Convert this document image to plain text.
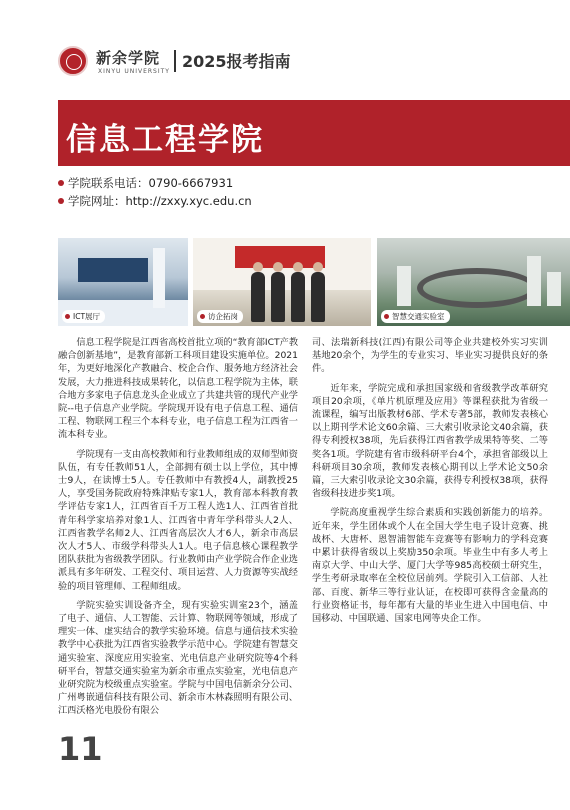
新余学院
XINYU UNIVERSITY
2025报考指南
信息工程学院
学院联系电话： 0790-6667931
学院网址： http://zxxy.xyc.edu.cn
ICT展厅	访企拓岗	智慧交通实验室

信息工程学院是江西省高校首批立项的“教育部ICT产教融合创新基地”，是教育部新工科项目建设实施单位。2021年，为更好地深化产教融合、校企合作、服务地方经济社会发展，大力推进科技成果转化，以信息工程学院为主体，联合地方多家电子信息龙头企业成立了共建共管的现代产业学院--电子信息产业学院。学院现开设有电子信息工程、通信工程、物联网工程三个本科专业，电子信息工程为江西省一流本科专业。

学院现有一支由高校教师和行业教师组成的双师型师资队伍，有专任教师51人，全部拥有硕士以上学位，其中博士9人，在读博士5人。专任教师中有教授4人，副教授25人，享受国务院政府特殊津贴专家1人，教育部本科教育教学评估专家1人，江西省百千万工程人选1人、江西省首批青年科学家培养对象1人、江西省中青年学科带头人2人、江西省教学名师2人、江西省高层次人才6人，新余市高层次人才5人、市级学科带头人1人。电子信息核心课程教学团队获批为省级教学团队。行业教师由产业学院合作企业选派具有多年研发、工程交付、项目运营、人力资源等实战经验的项目管理师、工程师组成。

学院实验实训设备齐全，现有实验实训室23个，涵盖了电子、通信、人工智能、云计算、物联网等领域，形成了理实一体、虚实结合的教学实验环境。信息与通信技术实验教学中心获批为江西省实验教学示范中心。学院建有智慧交通实验室、深度应用实验室、光电信息产业研究院等4个科研平台，智慧交通实验室为新余市重点实验室，光电信息产业研究院为校级重点实验室。学院与中国电信新余分公司、广州粤嵌通信科技有限公司、新余市木林森照明有限公司、江西沃格光电股份有限公

司、法瑞新科技(江西)有限公司等企业共建校外实习实训基地20余个，为学生的专业实习、毕业实习提供良好的条件。

近年来，学院完成和承担国家级和省级教学改革研究项目20余项，《单片机原理及应用》等课程获批为省级一流课程，编写出版教材6部、学术专著5部，教师发表核心以上期刊学术论文60余篇、三大索引收录论文40余篇，获得专利授权38项，先后获得江西省教学成果特等奖、二等奖各1项。学院建有省市级科研平台4个，承担省部级以上科研项目30余项，教师发表核心期刊以上学术论文50余篇，三大索引收录论文30余篇，获得专利授权38项，获得省级科技进步奖1项。

学院高度重视学生综合素质和实践创新能力的培养。近年来，学生团体或个人在全国大学生电子设计竞赛、挑战杯、大唐杯、恩智浦智能车竞赛等有影响力的学科竞赛中累计获得省级以上奖励350余项。毕业生中有多人考上南京大学、中山大学、厦门大学等985高校硕士研究生，学生考研录取率在全校位居前列。学院引入工信部、人社部、百度、新华三等行业认证，在校即可获得含金量高的行业资格证书，每年都有大量的毕业生进入中国电信、中国移动、中国联通、国家电网等央企工作。

11
